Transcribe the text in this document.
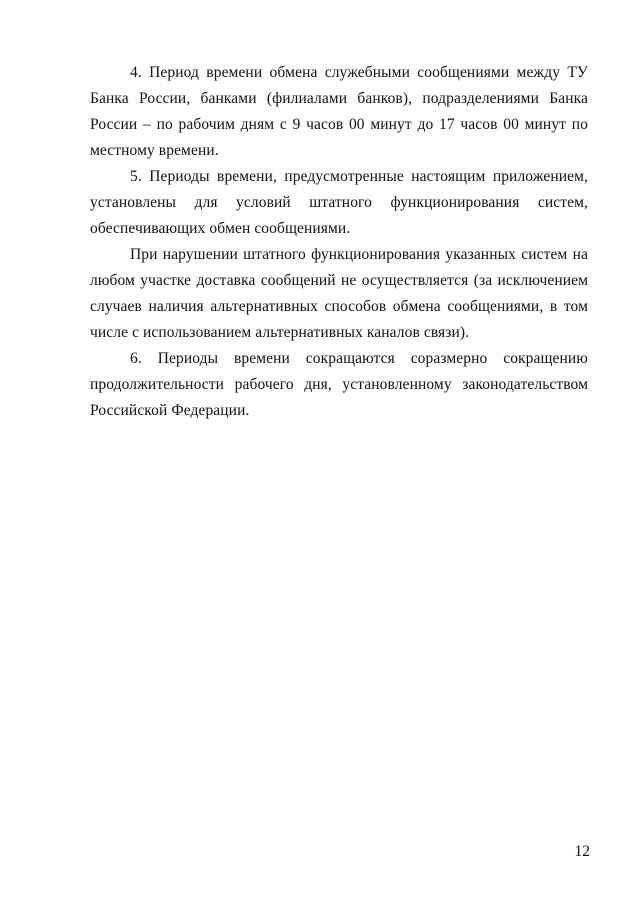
4. Период времени обмена служебными сообщениями между ТУ Банка России, банками (филиалами банков), подразделениями Банка России – по рабочим дням с 9 часов 00 минут до 17 часов 00 минут по местному времени.

5. Периоды времени, предусмотренные настоящим приложением, установлены для условий штатного функционирования систем, обеспечивающих обмен сообщениями.

При нарушении штатного функционирования указанных систем на любом участке доставка сообщений не осуществляется (за исключением случаев наличия альтернативных способов обмена сообщениями, в том числе с использованием альтернативных каналов связи).

6. Периоды времени сокращаются соразмерно сокращению продолжительности рабочего дня, установленному законодательством Российской Федерации.

12
